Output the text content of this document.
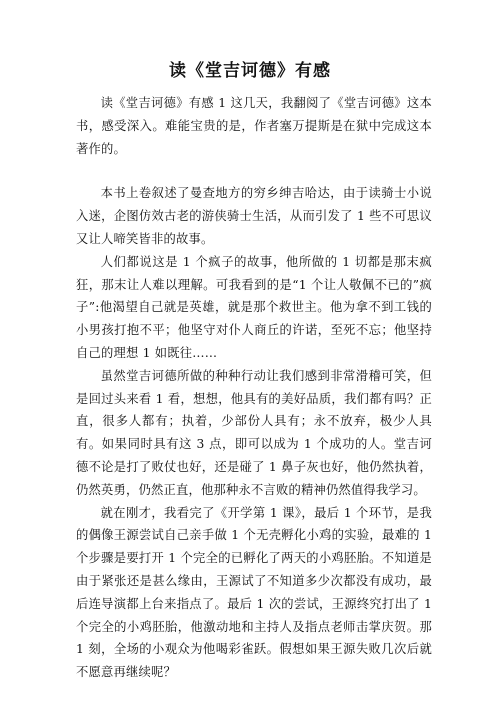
读《堂吉诃德》有感

读《堂吉诃德》有感 1 这几天，我翻阅了《堂吉诃德》这本书，感受深入。难能宝贵的是，作者塞万提斯是在狱中完成这本著作的。

本书上卷叙述了曼查地方的穷乡绅吉哈达，由于读骑士小说入迷，企图仿效古老的游侠骑士生活，从而引发了 1 些不可思议又让人啼笑皆非的故事。

人们都说这是 1 个疯子的故事，他所做的 1 切都是那末疯狂，那末让人难以理解。可我看到的是“1 个让人敬佩不已的”疯子”:他渴望自己就是英雄，就是那个救世主。他为拿不到工钱的小男孩打抱不平；他坚守对仆人商丘的许诺，至死不忘；他坚持自己的理想 1 如既往……

虽然堂吉诃德所做的种种行动让我们感到非常滑稽可笑，但是回过头来看 1 看，想想，他具有的美好品质，我们都有吗？正直，很多人都有；执着，少部份人具有；永不放弃，极少人具有。如果同时具有这 3 点，即可以成为 1 个成功的人。堂吉诃德不论是打了败仗也好，还是碰了 1 鼻子灰也好，他仍然执着，仍然英勇，仍然正直，他那种永不言败的精神仍然值得我学习。

就在刚才，我看完了《开学第 1 课》，最后 1 个环节，是我的偶像王源尝试自己亲手做 1 个无壳孵化小鸡的实验，最难的 1 个步骤是要打开 1 个完全的已孵化了两天的小鸡胚胎。不知道是由于紧张还是甚么缘由，王源试了不知道多少次都没有成功，最后连导演都上台来指点了。最后 1 次的尝试，王源终究打出了 1 个完全的小鸡胚胎，他激动地和主持人及指点老师击掌庆贺。那 1 刻，全场的小观众为他喝彩雀跃。假想如果王源失败几次后就不愿意再继续呢？
